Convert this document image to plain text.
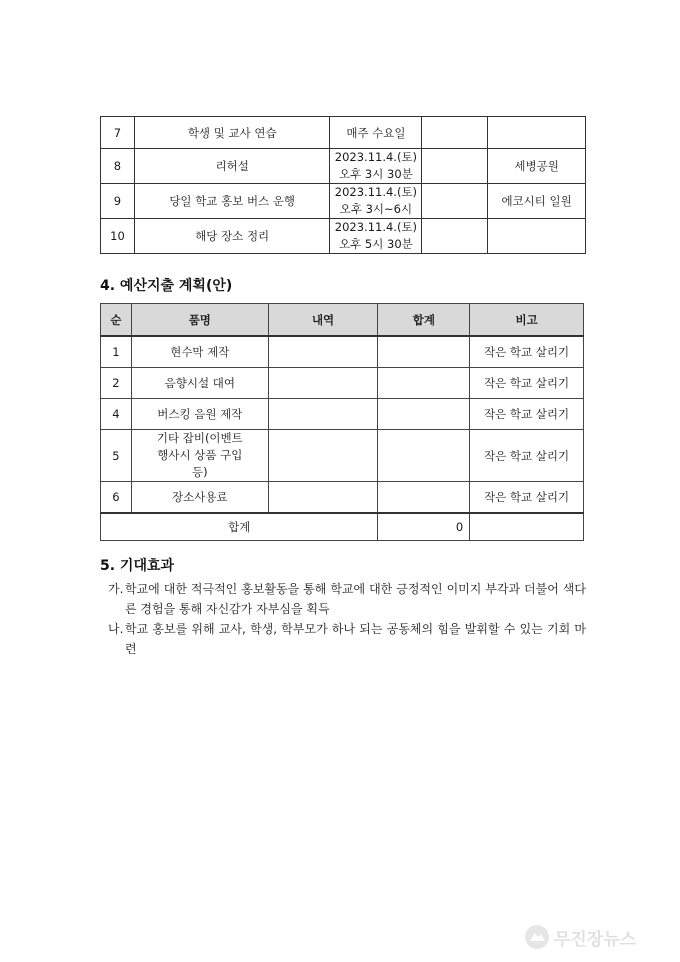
7	학생 및 교사 연습	매주 수요일		
8	리허설	2023.11.4.(토) 오후 3시 30분		세병공원
9	당일 학교 홍보 버스 운행	2023.11.4.(토) 오후 3시~6시		에코시티 일원
10	해당 장소 정리	2023.11.4.(토) 오후 5시 30분		
4. 예산지출 계획(안)
순	품명	내역	합계	비고
1	현수막 제작			작은 학교 살리기
2	음향시설 대여			작은 학교 살리기
4	버스킹 음원 제작			작은 학교 살리기
5	기타 잡비(이벤트 행사시 상품 구입 등)			작은 학교 살리기
6	장소사용료			작은 학교 살리기
합계			0	
5. 기대효과
가. 학교에 대한 적극적인 홍보활동을 통해 학교에 대한 긍정적인 이미지 부각과 더불어 색다른 경험을 통해 자신감가 자부심을 획득
나. 학교 홍보를 위해 교사, 학생, 학부모가 하나 되는 공동체의 힘을 발휘할 수 있는 기회 마련
무진장뉴스
